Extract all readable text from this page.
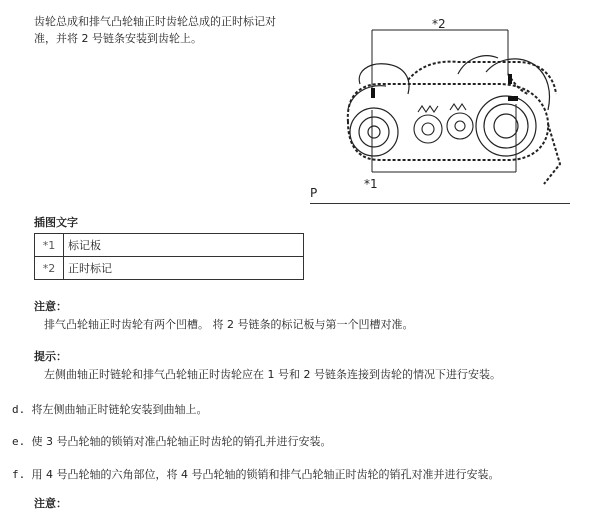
齿轮总成和排气凸轮轴正时齿轮总成的正时标记对
准，并将 2 号链条安装到齿轮上。
*2
*1
P
插图文字
*1	标记板
*2	正时标记
注意：
排气凸轮轴正时齿轮有两个凹槽。 将 2 号链条的标记板与第一个凹槽对准。
提示：
左侧曲轴正时链轮和排气凸轮轴正时齿轮应在 1 号和 2 号链条连接到齿轮的情况下进行安装。
d. 将左侧曲轴正时链轮安装到曲轴上。
e. 使 3 号凸轮轴的锁销对准凸轮轴正时齿轮的销孔并进行安装。
f. 用 4 号凸轮轴的六角部位，将 4 号凸轮轴的锁销和排气凸轮轴正时齿轮的销孔对准并进行安装。
注意：
